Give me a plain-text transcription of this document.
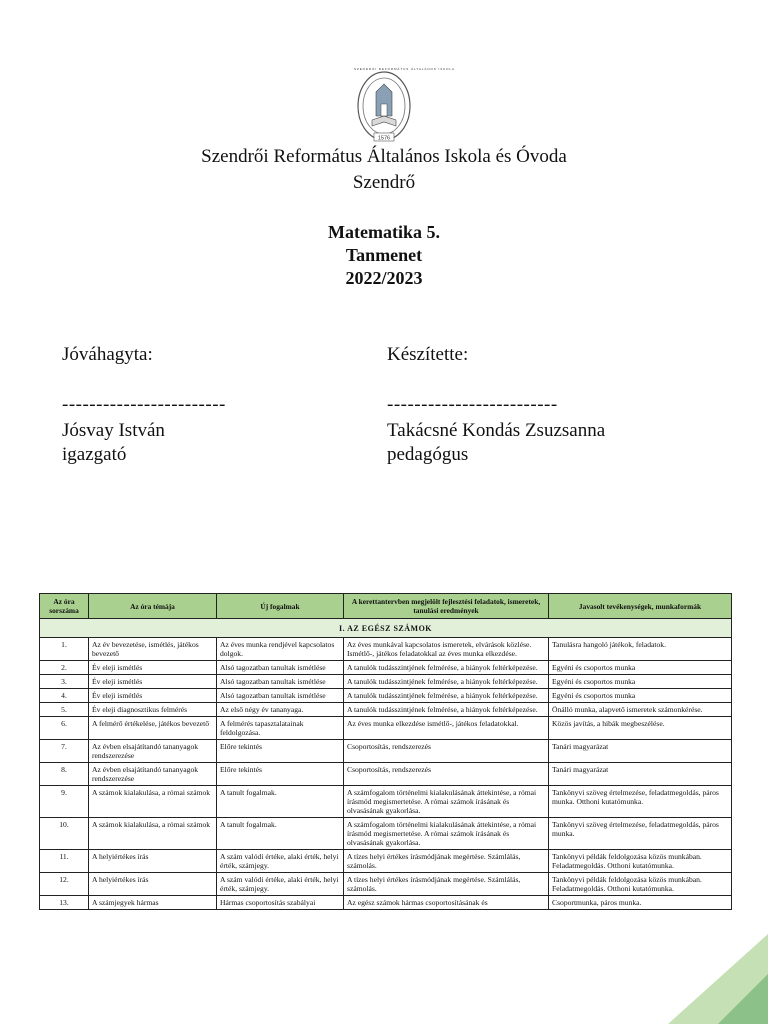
1576
SZENDRŐI REFORMÁTUS ÁLTALÁNOS ISKOLA
Szendrői Református Általános Iskola és Óvoda
Szendrő
Matematika 5.
Tanmenet
2022/2023
Jóváhagyta:
------------------------
Jósvay István
igazgató
Készítette:
-------------------------
Takácsné Kondás Zsuzsanna
pedagógus
Az óra sorszáma	Az óra témája	Új fogalmak	A kerettantervben megjelölt fejlesztési feladatok, ismeretek, tanulási eredmények	Javasolt tevékenységek, munkaformák
I. AZ EGÉSZ SZÁMOK				
1.	Az év bevezetése, ismétlés, játékos bevezető	Az éves munka rendjével kapcsolatos dolgok.	Az éves munkával kapcsolatos ismeretek, elvárások közlése. Ismétlő-, játékos feladatokkal az éves munka elkezdése.	Tanulásra hangoló játékok, feladatok.
2.	Év eleji ismétlés	Alsó tagozatban tanultak ismétlése	A tanulók tudásszintjének felmérése, a hiányok feltérképezése.	Egyéni és csoportos munka
3.	Év eleji ismétlés	Alsó tagozatban tanultak ismétlése	A tanulók tudásszintjének felmérése, a hiányok feltérképezése.	Egyéni és csoportos munka
4.	Év eleji ismétlés	Alsó tagozatban tanultak ismétlése	A tanulók tudásszintjének felmérése, a hiányok feltérképezése.	Egyéni és csoportos munka
5.	Év eleji diagnosztikus felmérés	Az első négy év tananyaga.	A tanulók tudásszintjének felmérése, a hiányok feltérképezése.	Önálló munka, alapvető ismeretek számonkérése.
6.	A felmérő értékelése, játékos bevezető	A felmérés tapasztalatainak feldolgozása.	Az éves munka elkezdése ismétlő-, játékos feladatokkal.	Közös javítás, a hibák megbeszélése.
7.	Az évben elsajátítandó tananyagok rendszerezése	Előre tekintés	Csoportosítás, rendszerezés	Tanári magyarázat
8.	Az évben elsajátítandó tananyagok rendszerezése	Előre tekintés	Csoportosítás, rendszerezés	Tanári magyarázat
9.	A számok kialakulása, a római számok	A tanult fogalmak.	A számfogalom történelmi kialakulásának áttekintése, a római írásmód megismertetése. A római számok írásának és olvasásának gyakorlása.	Tankönyvi szöveg értelmezése, feladatmegoldás, páros munka. Otthoni kutatómunka.
10.	A számok kialakulása, a római számok	A tanult fogalmak.	A számfogalom történelmi kialakulásának áttekintése, a római írásmód megismertetése. A római számok írásának és olvasásának gyakorlása.	Tankönyvi szöveg értelmezése, feladatmegoldás, páros munka.
11.	A helyiértékes írás	A szám valódi értéke, alaki érték, helyi érték, számjegy.	A tízes helyi értékes írásmódjának megértése. Számlálás, számolás.	Tankönyvi példák feldolgozása közös munkában. Feladatmegoldás. Otthoni kutatómunka.
12.	A helyiértékes írás	A szám valódi értéke, alaki érték, helyi érték, számjegy.	A tízes helyi értékes írásmódjának megértése. Számlálás, számolás.	Tankönyvi példák feldolgozása közös munkában. Feladatmegoldás. Otthoni kutatómunka.
13.	A számjegyek hármas	Hármas csoportosítás szabályai	Az egész számok hármas csoportosításának és	Csoportmunka, páros munka.
